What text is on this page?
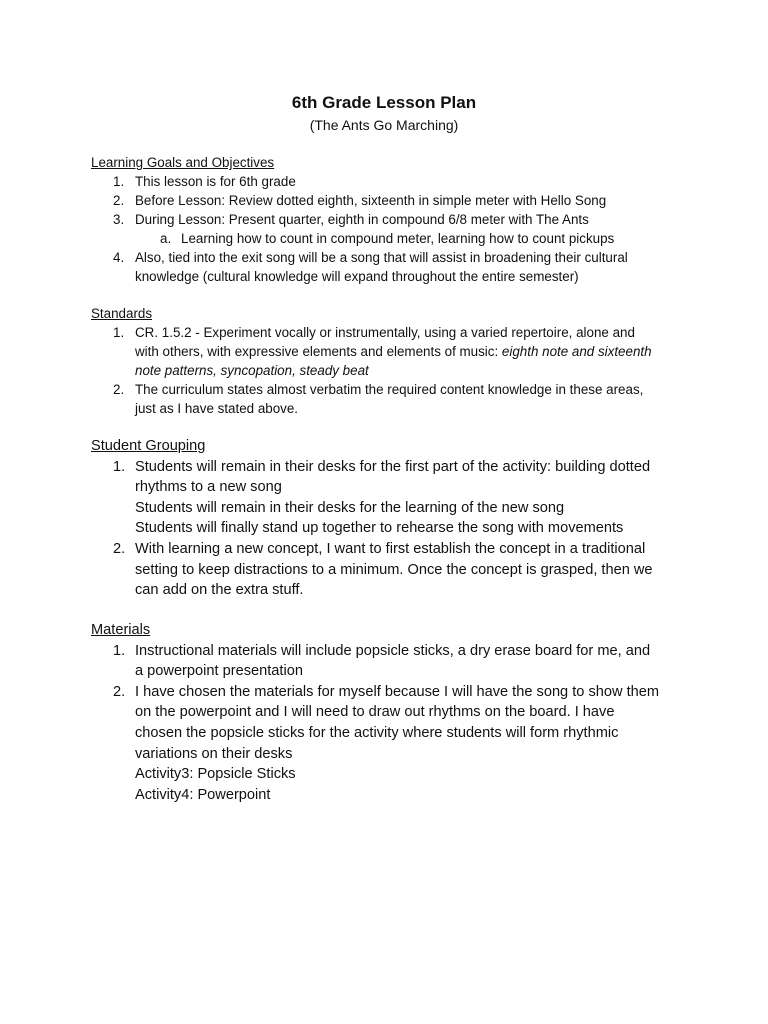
6th Grade Lesson Plan
(The Ants Go Marching)
Learning Goals and Objectives
1. This lesson is for 6th grade
2. Before Lesson: Review dotted eighth, sixteenth in simple meter with Hello Song
3. During Lesson: Present quarter, eighth in compound 6/8 meter with The Ants
a. Learning how to count in compound meter, learning how to count pickups
4. Also, tied into the exit song will be a song that will assist in broadening their cultural
knowledge (cultural knowledge will expand throughout the entire semester)
Standards
1. CR. 1.5.2 - Experiment vocally or instrumentally, using a varied repertoire, alone and
with others, with expressive elements and elements of music: eighth note and sixteenth
note patterns, syncopation, steady beat
2. The curriculum states almost verbatim the required content knowledge in these areas,
just as I have stated above.
Student Grouping
1. Students will remain in their desks for the first part of the activity: building dotted
rhythms to a new song
Students will remain in their desks for the learning of the new song
Students will finally stand up together to rehearse the song with movements
2. With learning a new concept, I want to first establish the concept in a traditional
setting to keep distractions to a minimum. Once the concept is grasped, then we
can add on the extra stuff.
Materials
1. Instructional materials will include popsicle sticks, a dry erase board for me, and
a powerpoint presentation
2. I have chosen the materials for myself because I will have the song to show them
on the powerpoint and I will need to draw out rhythms on the board. I have
chosen the popsicle sticks for the activity where students will form rhythmic
variations on their desks
Activity3: Popsicle Sticks
Activity4: Powerpoint
